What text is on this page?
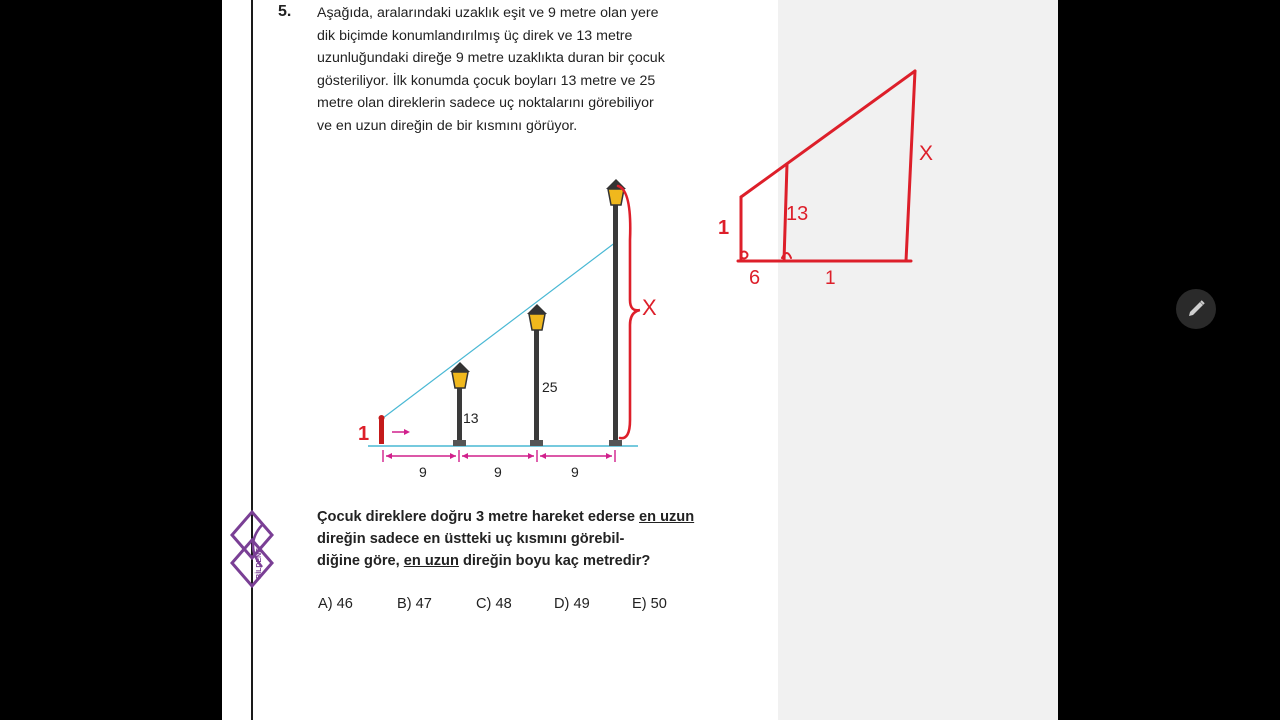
5. Aşağıda, aralarındaki uzaklık eşit ve 9 metre olan yere
dik biçimde konumlandırılmış üç direk ve 13 metre
uzunluğundaki direğe 9 metre uzaklıkta duran bir çocuk
gösteriliyor. İlk konumda çocuk boyları 13 metre ve 25
metre olan direklerin sadece uç noktalarını görebiliyor
ve en uzun direğin de bir kısmını görüyor.
13
25
9	9	9
X
1
X
13
1
6	1
BİLDENE
Çocuk direklere doğru 3 metre hareket ederse en uzun direğin sadece en üstteki uç kısmını görebil-
diğine göre, en uzun direğin boyu kaç metredir?
A) 46	B) 47	C) 48	D) 49	E) 50
